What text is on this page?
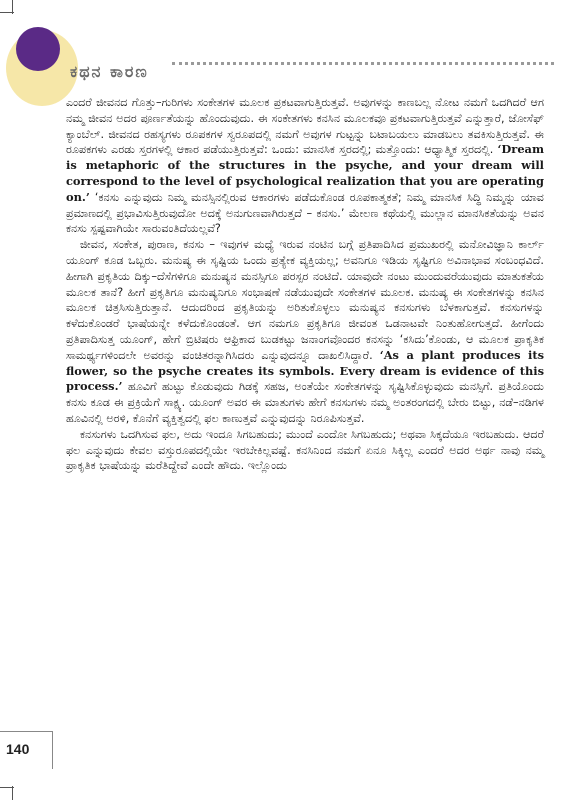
ಕಥನ ಕಾರಣ

ಎಂದರೆ ಜೀವನದ ಗೊತ್ತು–ಗುರಿಗಳು ಸಂಕೇತಗಳ ಮೂಲಕ ಪ್ರಕಟವಾಗುತ್ತಿರುತ್ತವೆ. ಅವುಗಳನ್ನು ಕಾಣಬಲ್ಲ ನೋಟ ನಮಗೆ ಒದಗಿದರೆ ಆಗ ನಮ್ಮ ಜೀವನ ಅದರ ಪೂರ್ಣತೆಯನ್ನು ಹೊಂದುವುದು. ಈ ಸಂಕೇತಗಳು ಕನಸಿನ ಮೂಲಕವೂ ಪ್ರಕಟವಾಗುತ್ತಿರುತ್ತವೆ ಎನ್ನುತ್ತಾರೆ, ಜೋಸೆಫ್ ಕ್ಯಾಂಬೆಲ್. ಜೀವನದ ರಹಸ್ಯಗಳು ರೂಪಕಗಳ ಸ್ವರೂಪದಲ್ಲಿ ನಮಗೆ ಅವುಗಳ ಗುಟ್ಟನ್ನು ಬಟಾಬಯಲು ಮಾಡಬಲು ತವಕಿಸುತ್ತಿರುತ್ತವೆ. ಈ ರೂಪಕಗಳು ಎರಡು ಸ್ತರಗಳಲ್ಲಿ ಆಕಾರ ಪಡೆಯುತ್ತಿರುತ್ತವೆ: ಒಂದು: ಮಾನಸಿಕ ಸ್ತರದಲ್ಲಿ; ಮತ್ತೊಂದು: ಆಧ್ಯಾತ್ಮಿಕ ಸ್ತರದಲ್ಲಿ. ‘Dream is metaphoric of the structures in the psyche, and your dream will correspond to the level of psychological realization that you are operating on.’ ‘ಕನಸು ಎನ್ನುವುದು ನಿಮ್ಮ ಮನಸ್ಸಿನಲ್ಲಿರುವ ಆಕಾರಗಳು ಪಡೆದುಕೊಂಡ ರೂಪಕಾತ್ಮಕತೆ; ನಿಮ್ಮ ಮಾನಸಿಕ ಸಿದ್ಧಿ ನಿಮ್ಮನ್ನು ಯಾವ ಪ್ರಮಾಣದಲ್ಲಿ ಪ್ರಭಾವಿಸುತ್ತಿರುವುದೋ ಅದಕ್ಕೆ ಅನುಗುಣವಾಗಿರುತ್ತದೆ – ಕನಸು.’ ಮೇಲಣ ಕಥೆಯಲ್ಲಿ ಮುಲ್ಲಾನ ಮಾನಸಿಕತೆಯನ್ನು ಅವನ ಕನಸು ಸ್ಪಷ್ಟವಾಗಿಯೇ ಸಾರುವಂತಿದೆಯಲ್ಲವೆ?

ಜೀವನ, ಸಂಕೇತ, ಪುರಾಣ, ಕನಸು – ಇವುಗಳ ಮಧ್ಯೆ ಇರುವ ನಂಟಿನ ಬಗ್ಗೆ ಪ್ರತಿಪಾದಿಸಿದ ಪ್ರಮುಖರಲ್ಲಿ ಮನೋವಿಜ್ಞಾನಿ ಕಾರ್ಲ್ ಯೂಂಗ್ ಕೂಡ ಒಬ್ಬರು. ಮನುಷ್ಯ ಈ ಸೃಷ್ಟಿಯ ಒಂದು ಪ್ರತ್ಯೇಕ ವ್ಯಕ್ತಿಯಲ್ಲ; ಅವನಿಗೂ ಇಡಿಯ ಸೃಷ್ಟಿಗೂ ಅವಿನಾಭಾವ ಸಂಬಂಧವಿದೆ. ಹೀಗಾಗಿ ಪ್ರಕೃತಿಯ ದಿಕ್ಕು–ದೆಸೆಗಳಿಗೂ ಮನುಷ್ಯನ ಮನಸ್ಸಿಗೂ ಪರಸ್ಪರ ನಂಟಿದೆ. ಯಾವುದೇ ನಂಟು ಮುಂದುವರೆಯುವುದು ಮಾತುಕತೆಯ ಮೂಲಕ ತಾನೆ? ಹೀಗೆ ಪ್ರಕೃತಿಗೂ ಮನುಷ್ಯನಿಗೂ ಸಂಭಾಷಣೆ ನಡೆಯುವುದೇ ಸಂಕೇತಗಳ ಮೂಲಕ. ಮನುಷ್ಯ ಈ ಸಂಕೇತಗಳನ್ನು ಕನಸಿನ ಮೂಲಕ ಚಿತ್ರಸಿಸುತ್ತಿರುತ್ತಾನೆ. ಆದುದರಿಂದ ಪ್ರಕೃತಿಯನ್ನು ಅರಿತುಕೊಳ್ಳಲು ಮನುಷ್ಯನ ಕನಸುಗಳು ಬೆಳಕಾಗುತ್ತವೆ. ಕನಸುಗಳನ್ನು ಕಳೆದುಕೊಂಡರೆ ಭಾಷೆಯನ್ನೇ ಕಳೆದುಕೊಂಡಂತೆ. ಆಗ ನಮಗೂ ಪ್ರಕೃತಿಗೂ ಜೀವಂತ ಒಡನಾಟವೇ ನಿಂತುಹೋಗುತ್ತದೆ. ಹೀಗೆಂದು ಪ್ರತಿಪಾದಿಸುತ್ತ ಯೂಂಗ್, ಹೇಗೆ ಬ್ರಿಟಿಷರು ಆಫ್ರಿಕಾದ ಬುಡಕಟ್ಟು ಜನಾಂಗವೊಂದರ ಕನಸನ್ನು ‘ಕಸಿದು’ಕೊಂಡು, ಆ ಮೂಲಕ ಪ್ರಾಕೃತಿಕ ಸಾಮರ್ಥ್ಯಗಳಿಂದಲೇ ಅವರನ್ನು ವಂಚಿತರನ್ನಾಗಿಸಿದರು ಎನ್ನುವುದನ್ನೂ ದಾಖಲಿಸಿದ್ದಾರೆ. ‘As a plant produces its flower, so the psyche creates its symbols. Every dream is evidence of this process.’ ಹೂವಿಗೆ ಹುಟ್ಟು ಕೊಡುವುದು ಗಿಡಕ್ಕೆ ಸಹಜ, ಅಂತೆಯೇ ಸಂಕೇತಗಳನ್ನು ಸೃಷ್ಟಿಸಿಕೊಳ್ಳುವುದು ಮನಸ್ಸಿಗೆ. ಪ್ರತಿಯೊಂದು ಕನಸು ಕೂಡ ಈ ಪ್ರಕ್ರಿಯೆಗೆ ಸಾಕ್ಷ್ಯ. ಯೂಂಗ್ ಅವರ ಈ ಮಾತುಗಳು ಹೇಗೆ ಕನಸುಗಳು ನಮ್ಮ ಅಂತರಂಗದಲ್ಲಿ ಬೇರು ಬಿಟ್ಟು, ನಡೆ–ನಡಿಗಳ ಹೂವಿನಲ್ಲಿ ಅರಳಿ, ಕೊನೆಗೆ ವ್ಯಕ್ತಿತ್ವದಲ್ಲಿ ಫಲ ಕಾಣುತ್ತವೆ ಎನ್ನುವುದನ್ನು ನಿರೂಪಿಸುತ್ತವೆ.

ಕನಸುಗಳು ಒದಗಿಸುವ ಫಲ, ಅದು ಇಂದೂ ಸಿಗಬಹುದು; ಮುಂದೆ ಎಂದೋ ಸಿಗಬಹುದು; ಅಥವಾ ಸಿಕ್ಕದೆಯೂ ಇರಬಹುದು. ಆದರೆ ಫಲ ಎನ್ನುವುದು ಕೇವಲ ವಸ್ತುರೂಪದಲ್ಲಿಯೇ ಇರಬೇಕಿಲ್ಲವಷ್ಟೆ. ಕನಸಿನಿಂದ ನಮಗೆ ಏನೂ ಸಿಕ್ಕಿಲ್ಲ ಎಂದರೆ ಅದರ ಅರ್ಥ ನಾವು ನಮ್ಮ ಪ್ರಾಕೃತಿಕ ಭಾಷೆಯನ್ನು ಮರೆತಿದ್ದೇವೆ ಎಂದೇ ಹೌದು. ಇಲ್ಲೊಂದು

140
